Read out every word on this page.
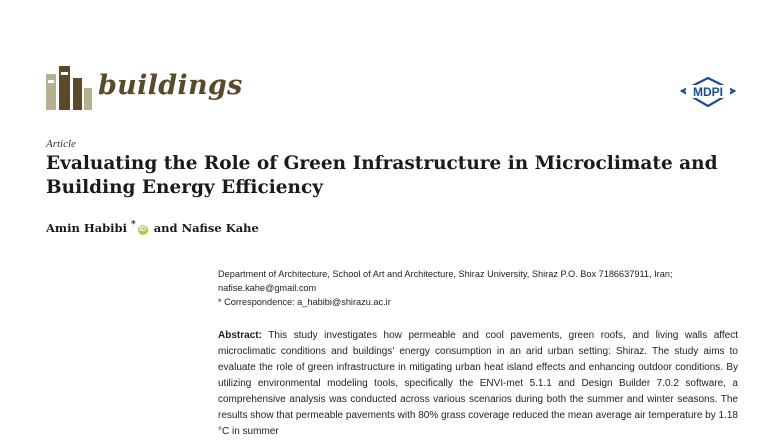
buildings	MDPI
Article
Evaluating the Role of Green Infrastructure in Microclimate and Building Energy Efficiency
Amin Habibi * iD and Nafise Kahe
Department of Architecture, School of Art and Architecture, Shiraz University, Shiraz P.O. Box 7186637911, Iran;
nafise.kahe@gmail.com
* Correspondence: a_habibi@shirazu.ac.ir

Abstract: This study investigates how permeable and cool pavements, green roofs, and living walls affect microclimatic conditions and buildings’ energy consumption in an arid urban setting: Shiraz. The study aims to evaluate the role of green infrastructure in mitigating urban heat island effects and enhancing outdoor conditions. By utilizing environmental modeling tools, specifically the ENVI-met 5.1.1 and Design Builder 7.0.2 software, a comprehensive analysis was conducted across various scenarios during both the summer and winter seasons. The results show that permeable pavements with 80% grass coverage reduced the mean average air temperature by 1.18 °C in summer
